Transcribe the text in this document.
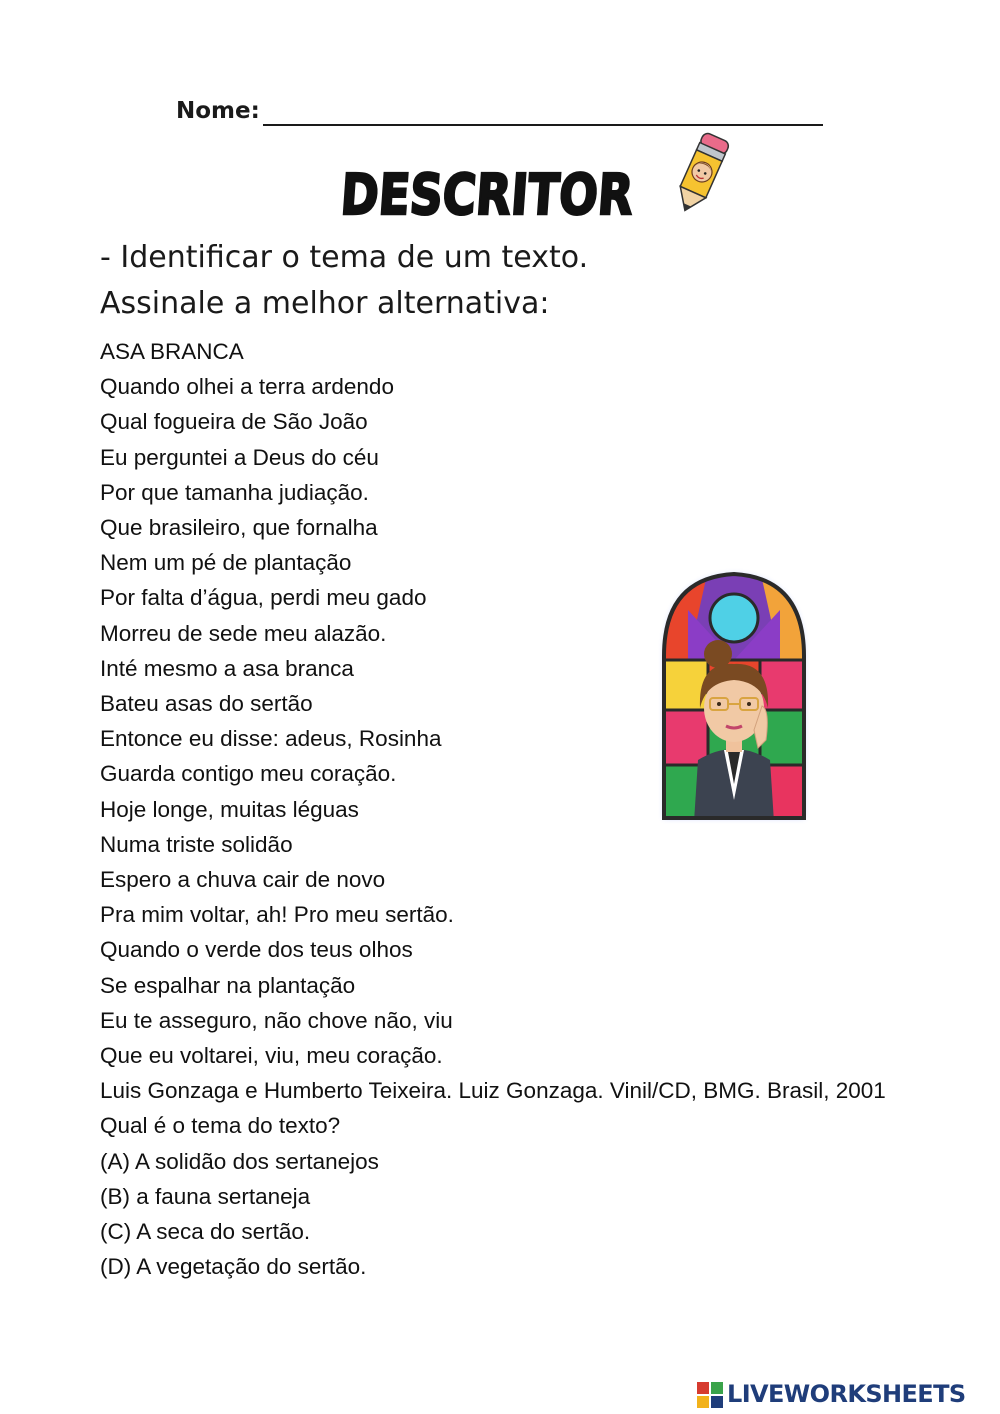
Nome:
DESCRITOR
- Identificar o tema de um texto.
Assinale a melhor alternativa:
ASA BRANCA
Quando olhei a terra ardendo
Qual fogueira de São João
Eu perguntei a Deus do céu
Por que tamanha judiação.
Que brasileiro, que fornalha
Nem um pé de plantação
Por falta d’água, perdi meu gado
Morreu de sede meu alazão.
Inté mesmo a asa branca
Bateu asas do sertão
Entonce eu disse: adeus, Rosinha
Guarda contigo meu coração.
Hoje longe, muitas léguas
Numa triste solidão
Espero a chuva cair de novo
Pra mim voltar, ah! Pro meu sertão.
Quando o verde dos teus olhos
Se espalhar na plantação
Eu te asseguro, não chove não, viu
Que eu voltarei, viu, meu coração.
Luis Gonzaga e Humberto Teixeira. Luiz Gonzaga. Vinil/CD, BMG. Brasil, 2001
Qual é o tema do texto?
(A) A solidão dos sertanejos
(B) a fauna sertaneja
(C) A seca do sertão.
(D) A vegetação do sertão.
LIVEWORKSHEETS
